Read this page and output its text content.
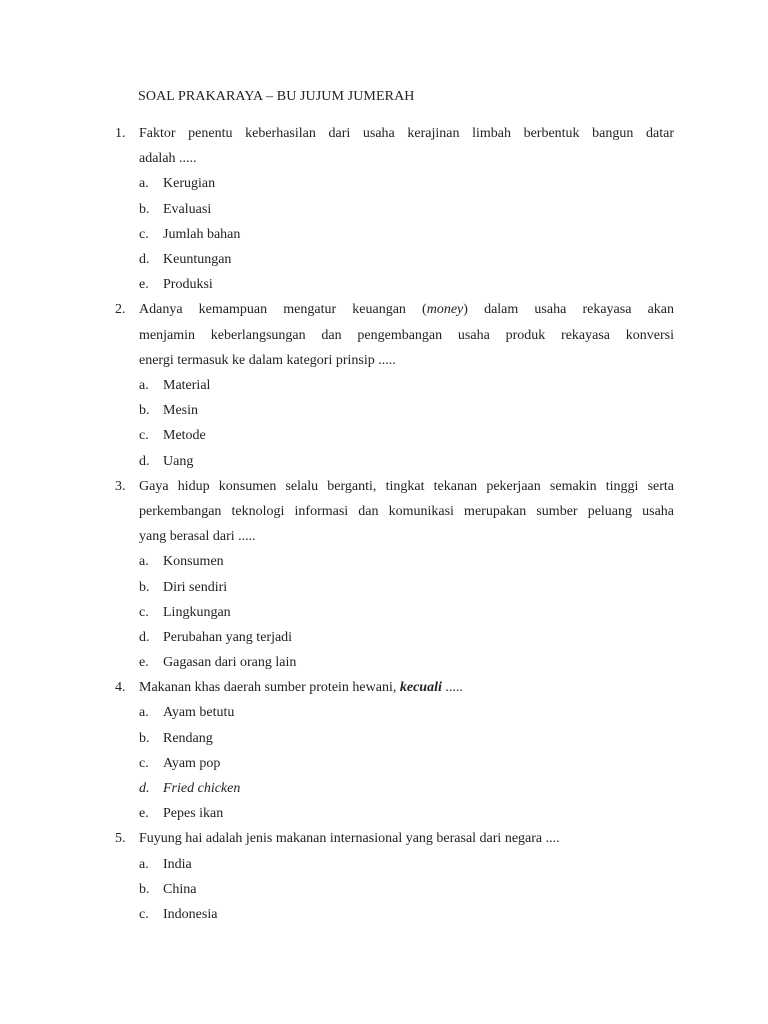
SOAL PRAKARAYA – BU JUJUM JUMERAH
1. Faktor penentu keberhasilan dari usaha kerajinan limbah berbentuk bangun datar
adalah .....
a. Kerugian
b. Evaluasi
c. Jumlah bahan
d. Keuntungan
e. Produksi
2. Adanya kemampuan mengatur keuangan (money) dalam usaha rekayasa akan
menjamin keberlangsungan dan pengembangan usaha produk rekayasa konversi
energi termasuk ke dalam kategori prinsip .....
a. Material
b. Mesin
c. Metode
d. Uang
3. Gaya hidup konsumen selalu berganti, tingkat tekanan pekerjaan semakin tinggi serta
perkembangan teknologi informasi dan komunikasi merupakan sumber peluang usaha
yang berasal dari .....
a. Konsumen
b. Diri sendiri
c. Lingkungan
d. Perubahan yang terjadi
e. Gagasan dari orang lain
4. Makanan khas daerah sumber protein hewani, kecuali .....
a. Ayam betutu
b. Rendang
c. Ayam pop
d. Fried chicken
e. Pepes ikan
5. Fuyung hai adalah jenis makanan internasional yang berasal dari negara ....
a. India
b. China
c. Indonesia
